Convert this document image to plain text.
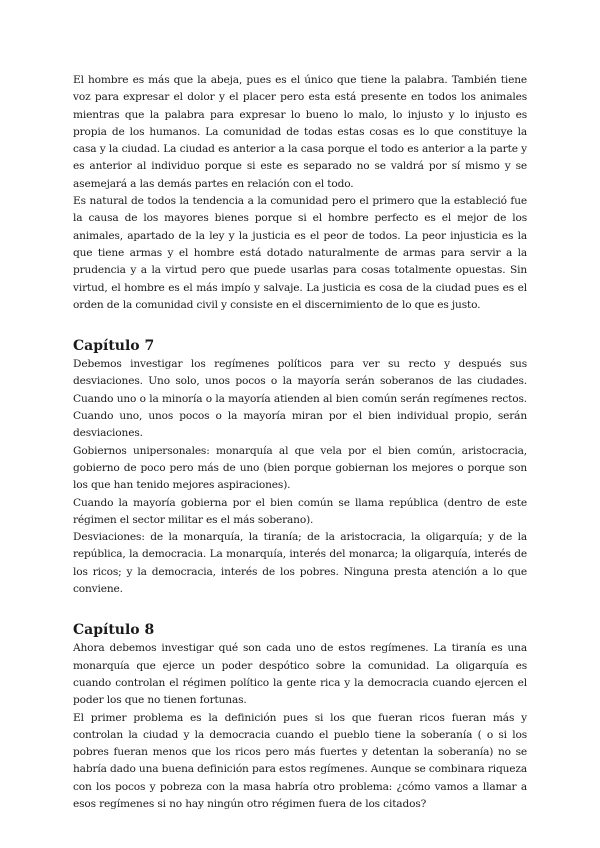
El hombre es más que la abeja, pues es el único que tiene la palabra. También tiene voz para expresar el dolor y el placer pero esta está presente en todos los animales mientras que la palabra para expresar lo bueno lo malo, lo injusto y lo injusto es propia de los humanos. La comunidad de todas estas cosas es lo que constituye la casa y la ciudad. La ciudad es anterior a la casa porque el todo es anterior a la parte y es anterior al individuo porque si este es separado no se valdrá por sí mismo y se asemejará a las demás partes en relación con el todo.

Es natural de todos la tendencia a la comunidad pero el primero que la estableció fue la causa de los mayores bienes porque si el hombre perfecto es el mejor de los animales, apartado de la ley y la justicia es el peor de todos. La peor injusticia es la que tiene armas y el hombre está dotado naturalmente de armas para servir a la prudencia y a la virtud pero que puede usarlas para cosas totalmente opuestas. Sin virtud, el hombre es el más impío y salvaje. La justicia es cosa de la ciudad pues es el orden de la comunidad civil y consiste en el discernimiento de lo que es justo.

Capítulo 7

Debemos investigar los regímenes políticos para ver su recto y después sus desviaciones. Uno solo, unos pocos o la mayoría serán soberanos de las ciudades. Cuando uno o la minoría o la mayoría atienden al bien común serán regímenes rectos. Cuando uno, unos pocos o la mayoría miran por el bien individual propio, serán desviaciones.

Gobiernos unipersonales: monarquía al que vela por el bien común, aristocracia, gobierno de poco pero más de uno (bien porque gobiernan los mejores o porque son los que han tenido mejores aspiraciones).

Cuando la mayoría gobierna por el bien común se llama república (dentro de este régimen el sector militar es el más soberano).

Desviaciones: de la monarquía, la tiranía; de la aristocracia, la oligarquía; y de la república, la democracia. La monarquía, interés del monarca; la oligarquía, interés de los ricos; y la democracia, interés de los pobres. Ninguna presta atención a lo que conviene.

Capítulo 8

Ahora debemos investigar qué son cada uno de estos regímenes. La tiranía es una monarquía que ejerce un poder despótico sobre la comunidad. La oligarquía es cuando controlan el régimen político la gente rica y la democracia cuando ejercen el poder los que no tienen fortunas.

El primer problema es la definición pues si los que fueran ricos fueran más y controlan la ciudad y la democracia cuando el pueblo tiene la soberanía ( o si los pobres fueran menos que los ricos pero más fuertes y detentan la soberanía) no se habría dado una buena definición para estos regímenes. Aunque se combinara riqueza con los pocos y pobreza con la masa habría otro problema: ¿cómo vamos a llamar a esos regímenes si no hay ningún otro régimen fuera de los citados?
